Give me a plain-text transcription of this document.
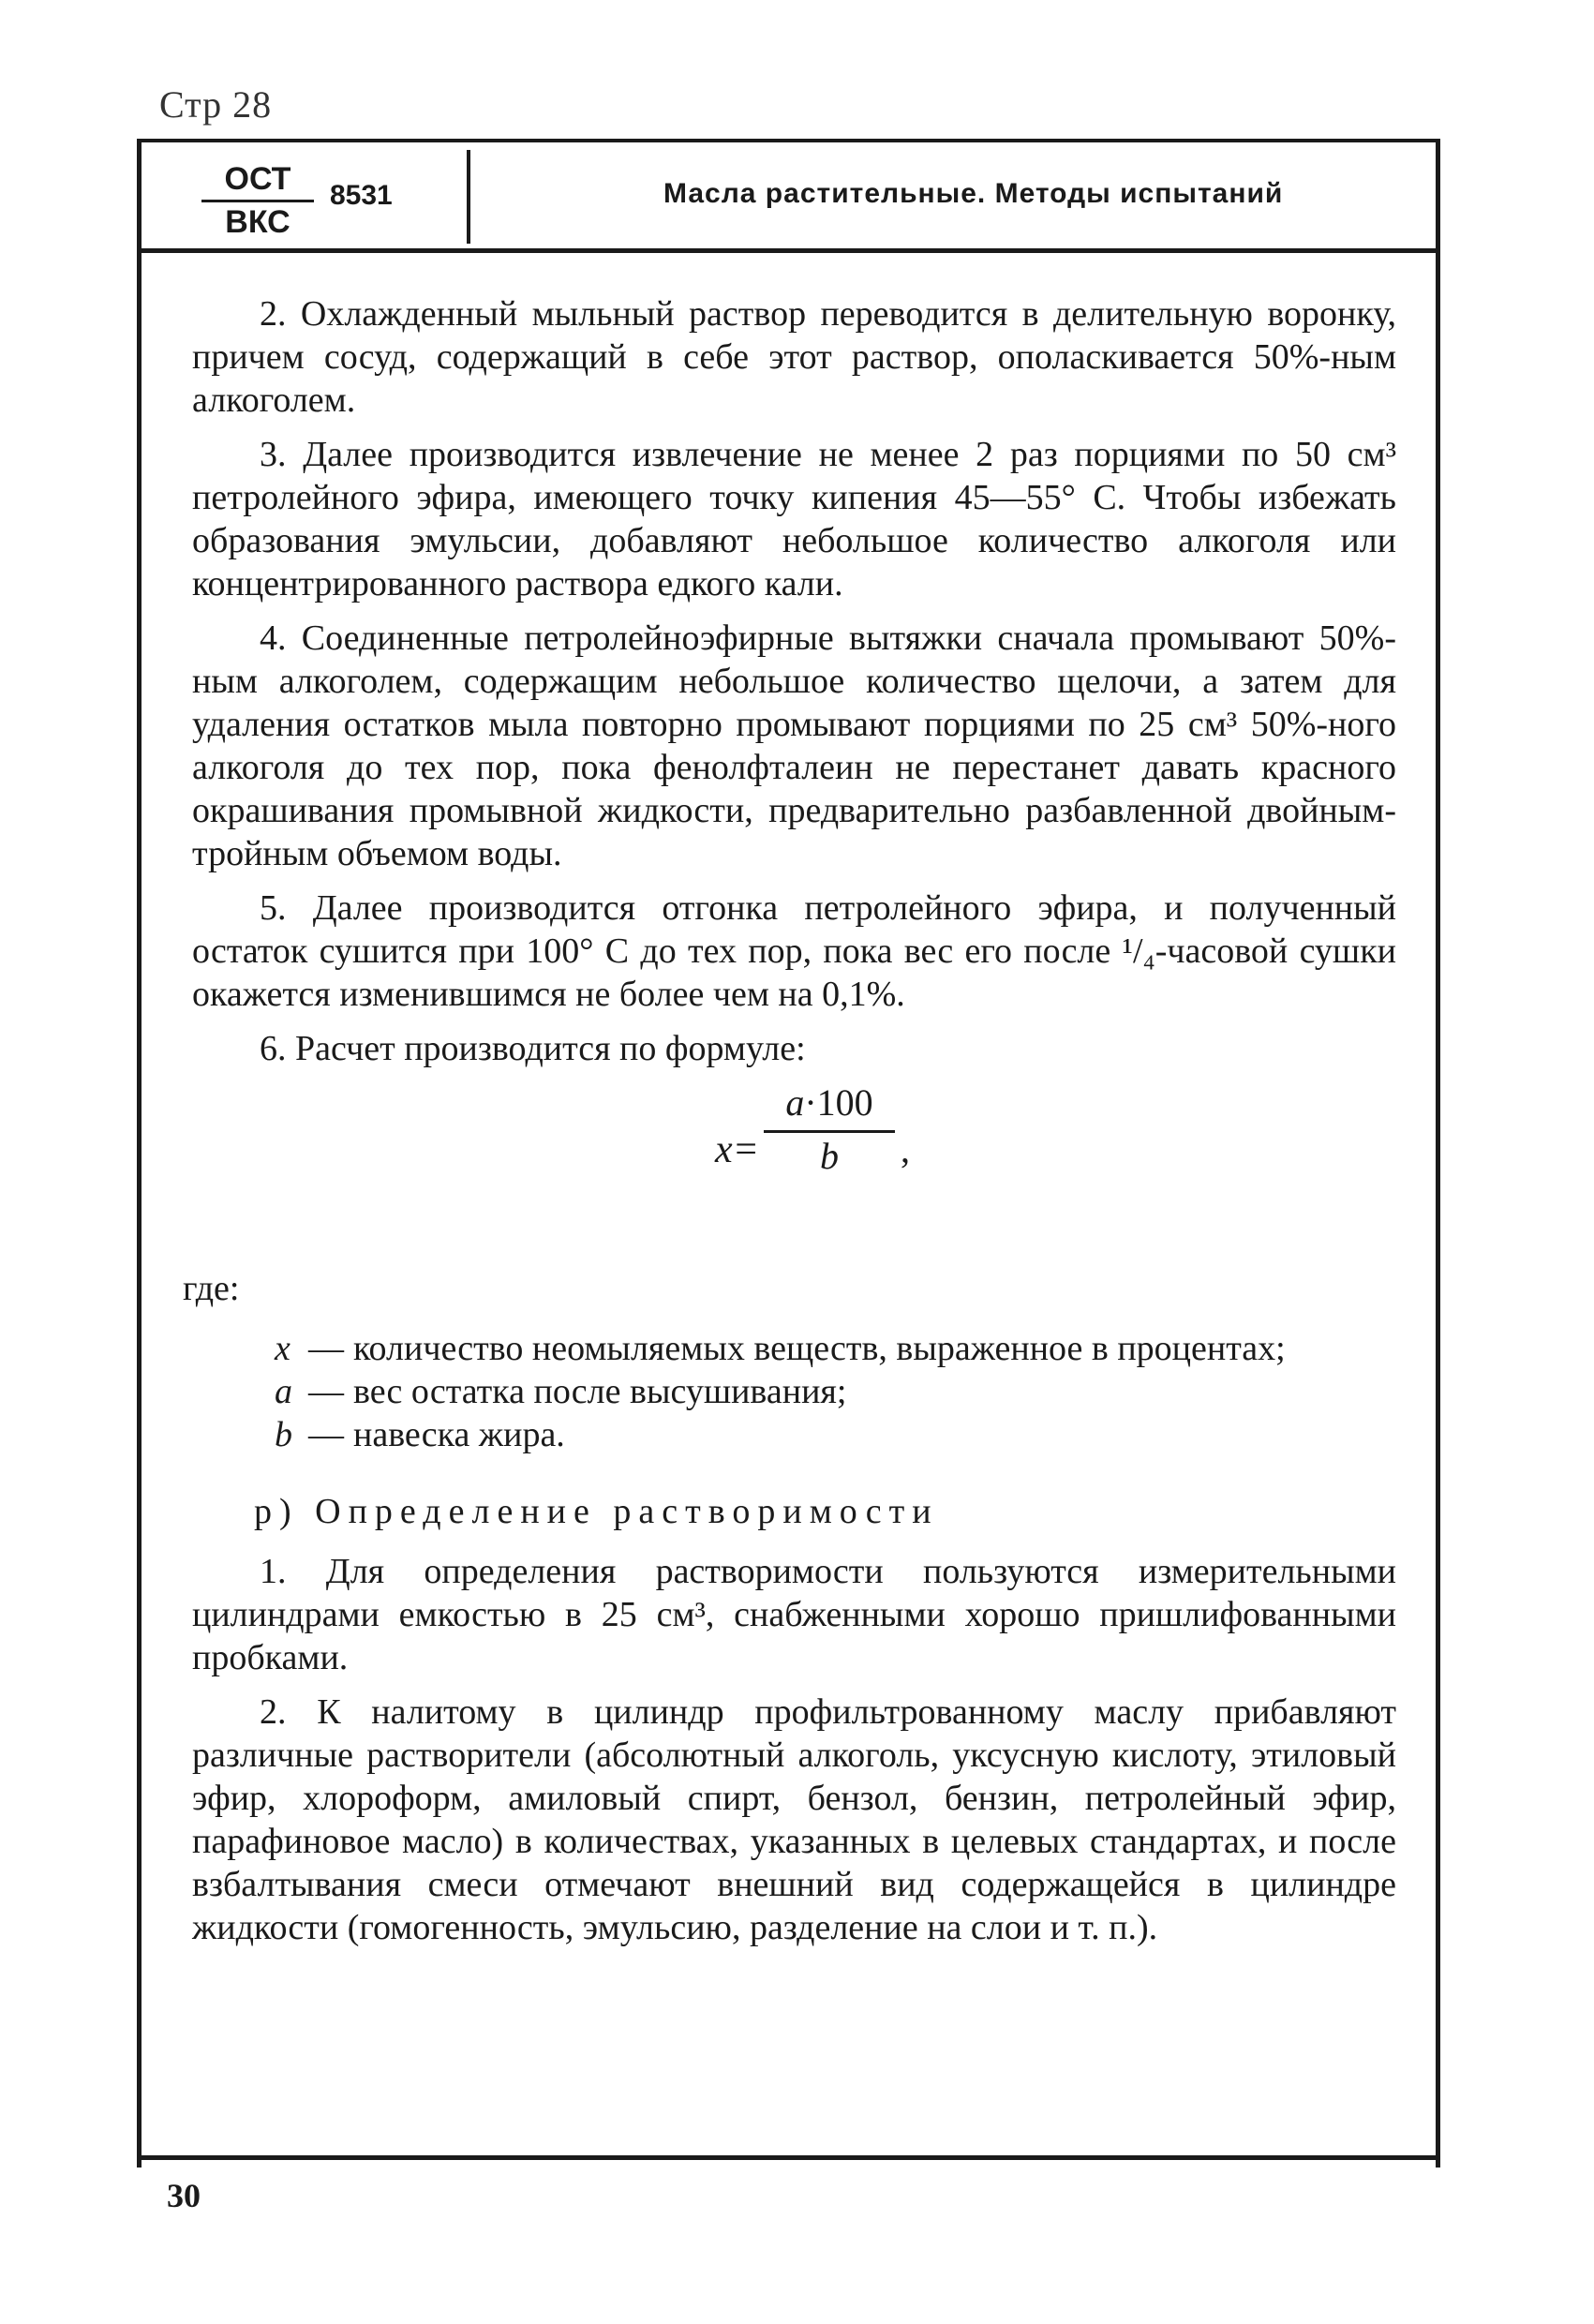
Стр 28
ОСТ
ВКС
8531	Масла растительные. Методы испытаний

2. Охлажденный мыльный раствор переводится в делительную воронку, причем сосуд, содержащий в себе этот раствор, ополаскивается 50%-ным алкоголем.

3. Далее производится извлечение не менее 2 раз порциями по 50 см³ петролейного эфира, имеющего точку кипения 45—55° С. Чтобы избежать образования эмульсии, добавляют небольшое количество алкоголя или концентрированного раствора едкого кали.

4. Соединенные петролейноэфирные вытяжки сначала промывают 50%-ным алкоголем, содержащим небольшое количество щелочи, а затем для удаления остатков мыла повторно промывают порциями по 25 см³ 50%-ного алкоголя до тех пор, пока фенолфталеин не перестанет давать красного окрашивания промывной жидкости, предварительно разбавленной двойным-тройным объемом воды.

5. Далее производится отгонка петролейного эфира, и полученный остаток сушится при 100° С до тех пор, пока вес его после ¹/₄-часовой сушки окажется изменившимся не более чем на 0,1%.

6. Расчет производится по формуле:

$x= \frac{a\cdot 100}{b}$ ,
где:
x — количество неомыляемых веществ, выраженное в процентах;
a — вес остатка после высушивания;
b — навеска жира.
р) Определение растворимости

1. Для определения растворимости пользуются измерительными цилиндрами емкостью в 25 см³, снабженными хорошо пришлифованными пробками.

2. К налитому в цилиндр профильтрованному маслу прибавляют различные растворители (абсолютный алкоголь, уксусную кислоту, этиловый эфир, хлороформ, амиловый спирт, бензол, бензин, петролейный эфир, парафиновое масло) в количествах, указанных в целевых стандартах, и после взбалтывания смеси отмечают внешний вид содержащейся в цилиндре жидкости (гомогенность, эмульсию, разделение на слои и т. п.).

30
